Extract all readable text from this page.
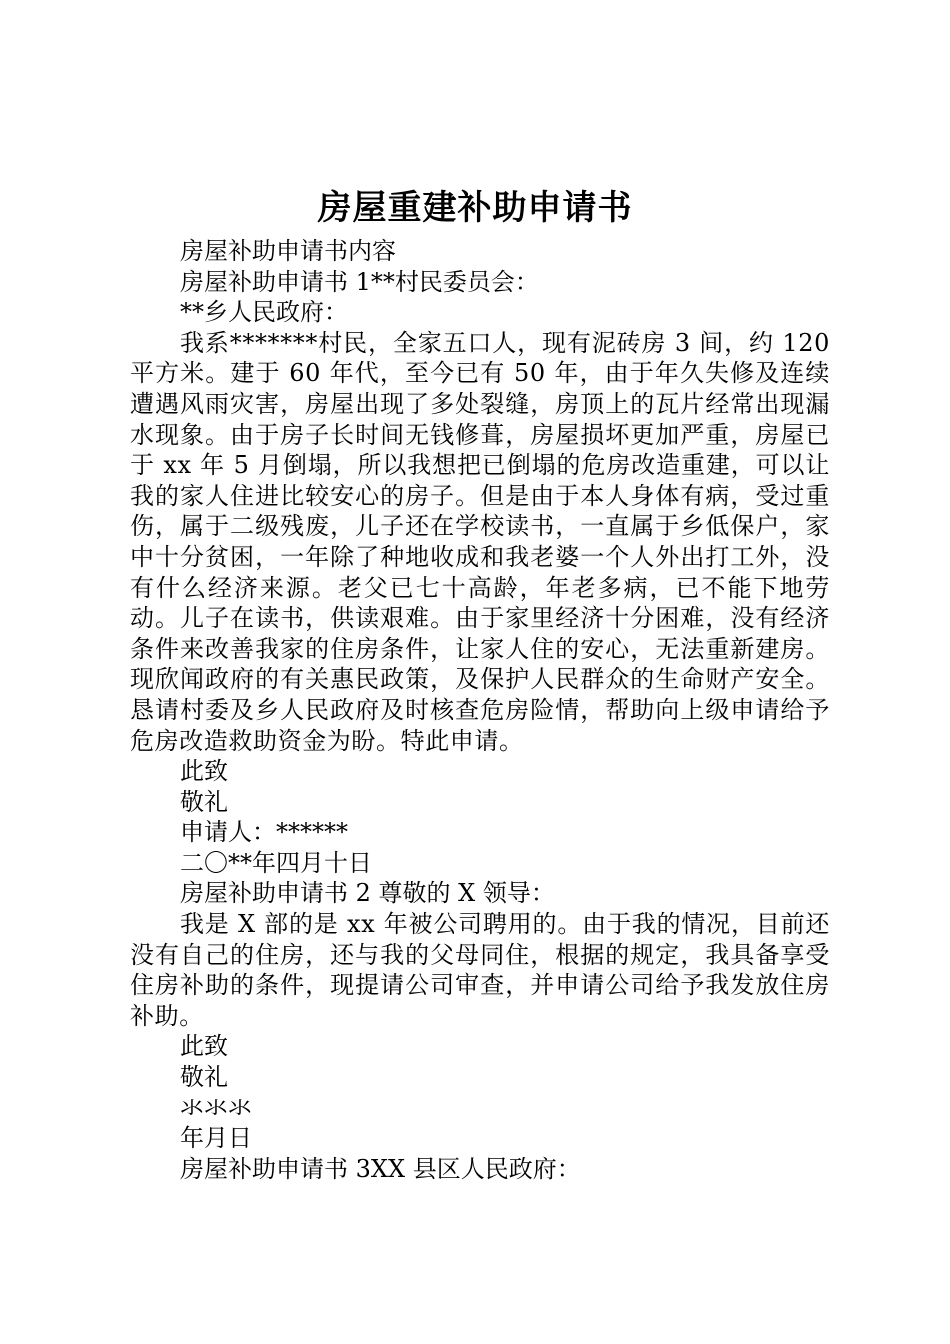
房屋重建补助申请书

房屋补助申请书内容

房屋补助申请书 1**村民委员会：

**乡人民政府：

我系*******村民，全家五口人，现有泥砖房 3 间，约 120 平方米。建于 60 年代，至今已有 50 年，由于年久失修及连续遭遇风雨灾害，房屋出现了多处裂缝，房顶上的瓦片经常出现漏水现象。由于房子长时间无钱修葺，房屋损坏更加严重，房屋已于 xx 年 5 月倒塌，所以我想把已倒塌的危房改造重建，可以让我的家人住进比较安心的房子。但是由于本人身体有病，受过重伤，属于二级残废，儿子还在学校读书，一直属于乡低保户，家中十分贫困，一年除了种地收成和我老婆一个人外出打工外，没有什么经济来源。老父已七十高龄，年老多病，已不能下地劳动。儿子在读书，供读艰难。由于家里经济十分困难，没有经济条件来改善我家的住房条件，让家人住的安心，无法重新建房。现欣闻政府的有关惠民政策，及保护人民群众的生命财产安全。恳请村委及乡人民政府及时核查危房险情，帮助向上级申请给予危房改造救助资金为盼。特此申请。

此致

敬礼

申请人：******

二〇**年四月十日

房屋补助申请书 2 尊敬的 X 领导：

我是 X 部的是 xx 年被公司聘用的。由于我的情况，目前还没有自己的住房，还与我的父母同住，根据的规定，我具备享受住房补助的条件，现提请公司审查，并申请公司给予我发放住房补助。

此致

敬礼

氺氺氺

年月日

房屋补助申请书 3XX 县区人民政府：
